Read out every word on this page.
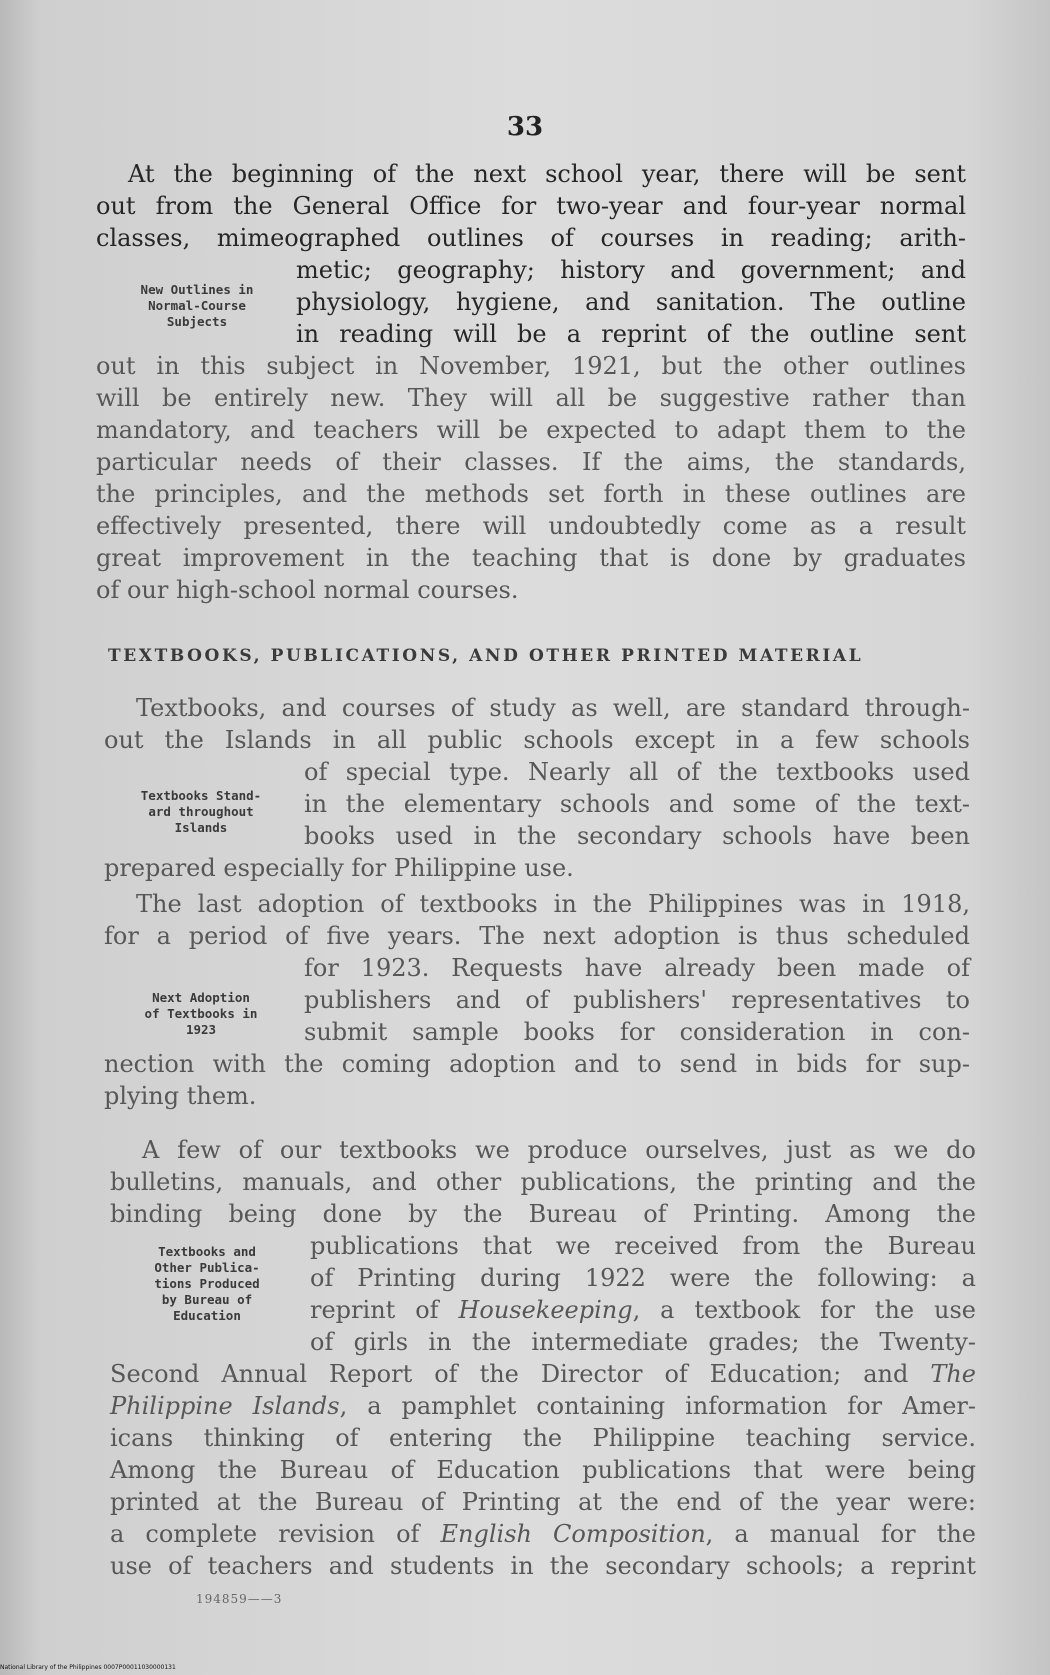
33
At the beginning of the next school year, there will be sent
out from the General Office for two-year and four-year normal
classes, mimeographed outlines of courses in reading; arith-
metic; geography; history and government; and
physiology, hygiene, and sanitation. The outline
in reading will be a reprint of the outline sent
out in this subject in November, 1921, but the other outlines
will be entirely new. They will all be suggestive rather than
mandatory, and teachers will be expected to adapt them to the
particular needs of their classes. If the aims, the standards,
the principles, and the methods set forth in these outlines are
effectively presented, there will undoubtedly come as a result
great improvement in the teaching that is done by graduates
of our high-school normal courses.
New Outlines in
Normal-Course
Subjects
TEXTBOOKS, PUBLICATIONS, AND OTHER PRINTED MATERIAL
Textbooks, and courses of study as well, are standard through-
out the Islands in all public schools except in a few schools
of special type. Nearly all of the textbooks used
in the elementary schools and some of the text-
books used in the secondary schools have been
prepared especially for Philippine use.
Textbooks Stand-
ard throughout
Islands
The last adoption of textbooks in the Philippines was in 1918,
for a period of five years. The next adoption is thus scheduled
for 1923. Requests have already been made of
publishers and of publishers' representatives to
submit sample books for consideration in con-
nection with the coming adoption and to send in bids for sup-
plying them.
Next Adoption
of Textbooks in
1923
A few of our textbooks we produce ourselves, just as we do
bulletins, manuals, and other publications, the printing and the
binding being done by the Bureau of Printing. Among the
publications that we received from the Bureau
of Printing during 1922 were the following: a
reprint of Housekeeping, a textbook for the use
of girls in the intermediate grades; the Twenty-
Second Annual Report of the Director of Education; and The
Philippine Islands, a pamphlet containing information for Amer-
icans thinking of entering the Philippine teaching service.
Among the Bureau of Education publications that were being
printed at the Bureau of Printing at the end of the year were:
a complete revision of English Composition, a manual for the
use of teachers and students in the secondary schools; a reprint
Textbooks and
Other Publica-
tions Produced
by Bureau of
Education
194859——3
National Library of the Philippines 0007P00011030000131
